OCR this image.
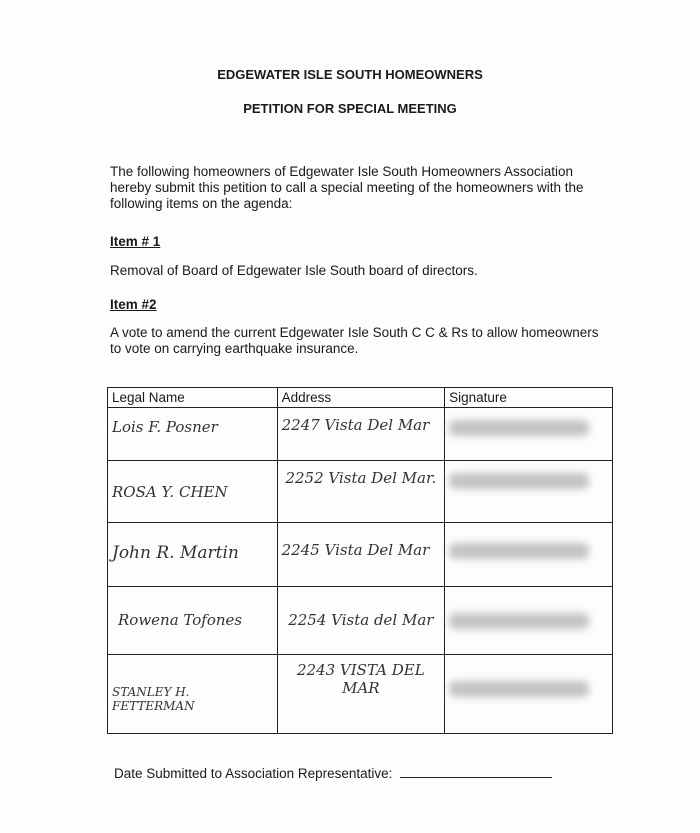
EDGEWATER ISLE SOUTH HOMEOWNERS
PETITION FOR SPECIAL MEETING
The following homeowners of Edgewater Isle South Homeowners Association hereby submit this petition to call a special meeting of the homeowners with the following items on the agenda:
Item # 1
Removal of Board of Edgewater Isle South board of directors.
Item #2
A vote to amend the current Edgewater Isle South C C & Rs to allow homeowners to vote on carrying earthquake insurance.
Legal Name	Address	Signature
Lois F. Posner	2247 Vista Del Mar	

ROSA Y. CHEN	2252 Vista Del Mar.	

John R. Martin	2245 Vista Del Mar	

Rowena Tofones	2254 Vista del Mar	

STANLEY H. FETTERMAN	2243 VISTA DEL MAR	
Date Submitted to Association Representative:
